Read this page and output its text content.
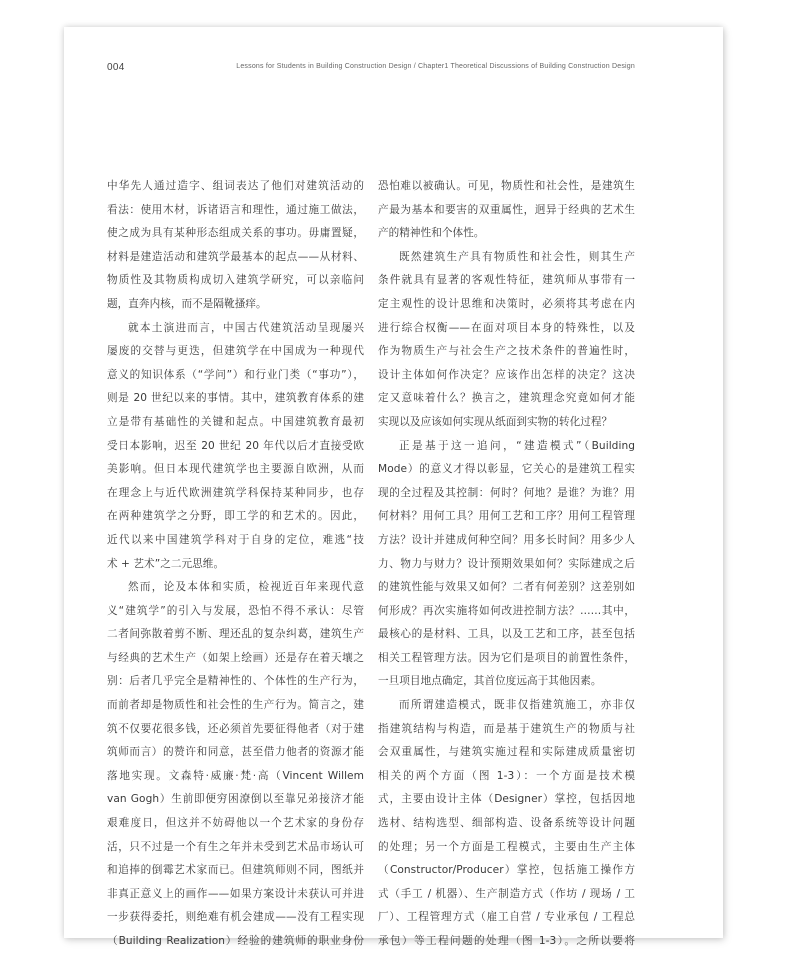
004	Lessons for Students in Building Construction Design / Chapter1 Theoretical Discussions of Building Construction Design
中华先人通过造字、组词表达了他们对建筑活动的
看法：使用木材，诉诸语言和理性，通过施工做法，
使之成为具有某种形态组成关系的事功。毋庸置疑，
材料是建造活动和建筑学最基本的起点——从材料、
物质性及其物质构成切入建筑学研究，可以亲临问
题，直奔内核，而不是隔靴搔痒。
就本土演进而言，中国古代建筑活动呈现屡兴
屡废的交替与更迭，但建筑学在中国成为一种现代
意义的知识体系（“学问”）和行业门类（“事功”），
则是 20 世纪以来的事情。其中，建筑教育体系的建
立是带有基础性的关键和起点。中国建筑教育最初
受日本影响，迟至 20 世纪 20 年代以后才直接受欧
美影响。但日本现代建筑学也主要源自欧洲，从而
在理念上与近代欧洲建筑学科保持某种同步，也存
在两种建筑学之分野，即工学的和艺术的。因此，
近代以来中国建筑学科对于自身的定位，难逃“技
术 + 艺术”之二元思维。
然而，论及本体和实质，检视近百年来现代意
义“建筑学”的引入与发展，恐怕不得不承认：尽管
二者间弥散着剪不断、理还乱的复杂纠葛，建筑生产
与经典的艺术生产（如架上绘画）还是存在着天壤之
别：后者几乎完全是精神性的、个体性的生产行为，
而前者却是物质性和社会性的生产行为。简言之，建
筑不仅要花很多钱，还必须首先要征得他者（对于建
筑师而言）的赞许和同意，甚至借力他者的资源才能
落地实现。文森特·威廉·梵·高（Vincent Willem
van Gogh）生前即便穷困潦倒以至靠兄弟接济才能
艰难度日，但这并不妨碍他以一个艺术家的身份存
活，只不过是一个有生之年并未受到艺术品市场认可
和追捧的倒霉艺术家而已。但建筑师则不同，图纸并
非真正意义上的画作——如果方案设计未获认可并进
一步获得委托，则绝难有机会建成——没有工程实现
（Building Realization）经验的建筑师的职业身份
恐怕难以被确认。可见，物质性和社会性，是建筑生
产最为基本和要害的双重属性，迥异于经典的艺术生
产的精神性和个体性。
既然建筑生产具有物质性和社会性，则其生产
条件就具有显著的客观性特征，建筑师从事带有一
定主观性的设计思维和决策时，必须将其考虑在内
进行综合权衡——在面对项目本身的特殊性，以及
作为物质生产与社会生产之技术条件的普遍性时，
设计主体如何作决定？应该作出怎样的决定？这决
定又意味着什么？换言之，建筑理念究竟如何才能
实现以及应该如何实现从纸面到实物的转化过程？
正是基于这一追问，“建造模式”（Building
Mode）的意义才得以彰显，它关心的是建筑工程实
现的全过程及其控制：何时？何地？是谁？为谁？用
何材料？用何工具？用何工艺和工序？用何工程管理
方法？设计并建成何种空间？用多长时间？用多少人
力、物力与财力？设计预期效果如何？实际建成之后
的建筑性能与效果又如何？二者有何差别？这差别如
何形成？再次实施将如何改进控制方法？……其中，
最核心的是材料、工具，以及工艺和工序，甚至包括
相关工程管理方法。因为它们是项目的前置性条件，
一旦项目地点确定，其首位度远高于其他因素。
而所谓建造模式，既非仅指建筑施工，亦非仅
指建筑结构与构造，而是基于建筑生产的物质与社
会双重属性，与建筑实施过程和实际建成质量密切
相关的两个方面（图 1-3）：一个方面是技术模
式，主要由设计主体（Designer）掌控，包括因地
选材、结构选型、细部构造、设备系统等设计问题
的处理；另一个方面是工程模式，主要由生产主体
（Constructor/Producer）掌控，包括施工操作方
式（手工 / 机器）、生产制造方式（作坊 / 现场 / 工
厂）、工程管理方式（雇工自营 / 专业承包 / 工程总
承包）等工程问题的处理（图 1-3）。之所以要将
